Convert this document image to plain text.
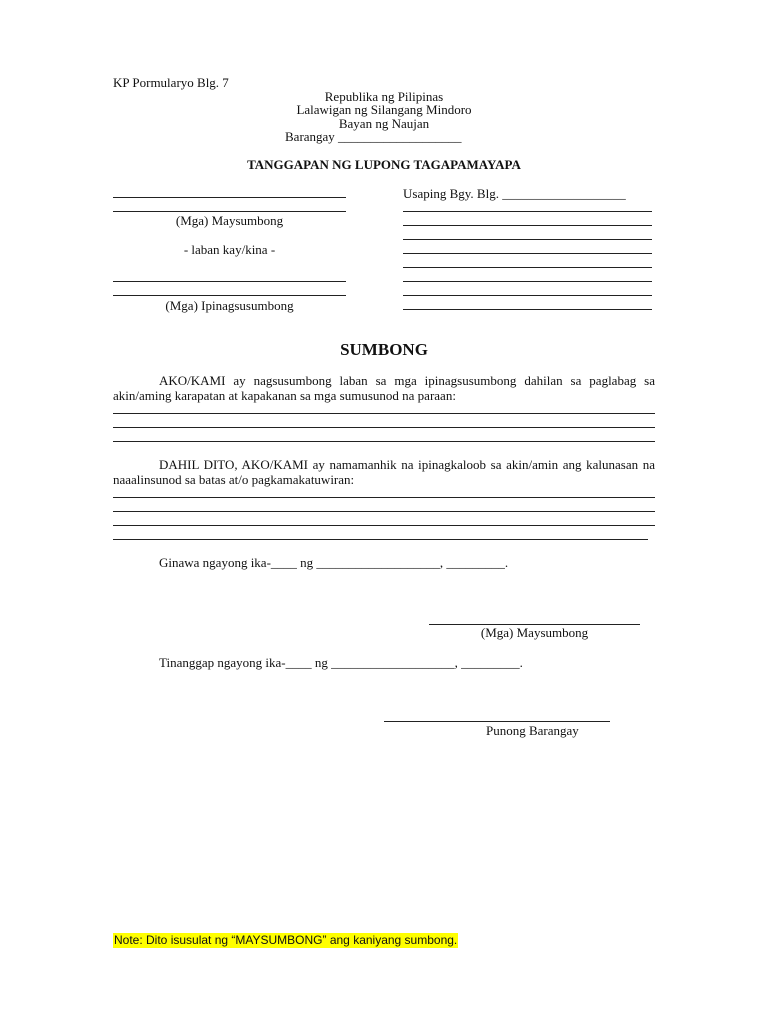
KP Pormularyo Blg. 7
Republika ng Pilipinas
Lalawigan ng Silangang Mindoro
Bayan ng Naujan
Barangay ___________________
TANGGAPAN NG LUPONG TAGAPAMAYAPA
(Mga) Maysumbong
- laban kay/kina -
(Mga) Ipinagsusumbong
Usaping Bgy. Blg. ___________________
SUMBONG
AKO/KAMI ay nagsusumbong laban sa mga ipinagsusumbong dahilan sa paglabag sa akin/aming karapatan at kapakanan sa mga sumusunod na paraan:
DAHIL DITO, AKO/KAMI ay namamanhik na ipinagkaloob sa akin/amin ang kalunasan na naaalinsunod sa batas at/o pagkamakatuwiran:
Ginawa ngayong ika-____ ng ___________________, _________.
(Mga) Maysumbong
Tinanggap ngayong ika-____ ng ___________________, _________.
Punong Barangay
Note: Dito isusulat ng “MAYSUMBONG” ang kaniyang sumbong.
